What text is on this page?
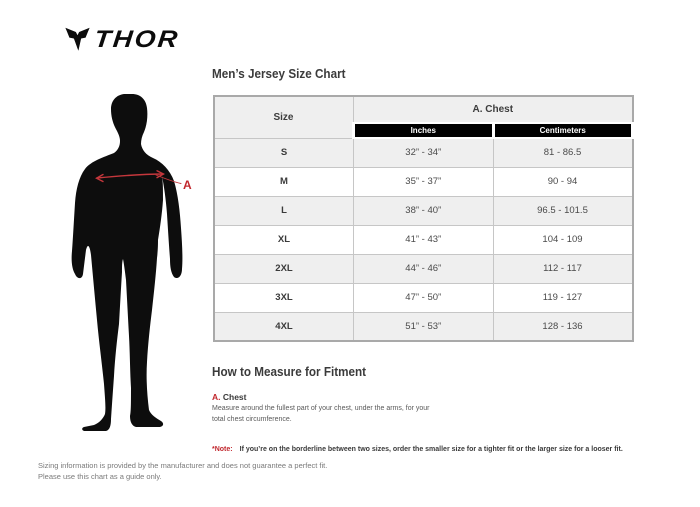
THOR
A
Men’s Jersey Size Chart
Size	A. Chest	
	Inches	Centimeters
S	32” - 34”	81 - 86.5
M	35” - 37”	90 - 94
L	38” - 40”	96.5 - 101.5
XL	41” - 43”	104 - 109
2XL	44” - 46”	112 - 117
3XL	47” - 50”	119 - 127
4XL	51” - 53”	128 - 136
How to Measure for Fitment
A. Chest

Measure around the fullest part of your chest, under the arms, for your total chest circumference.

*Note: If you’re on the borderline between two sizes, order the smaller size for a tighter fit or the larger size for a looser fit.

Sizing information is provided by the manufacturer and does not guarantee a perfect fit.
Please use this chart as a guide only.
